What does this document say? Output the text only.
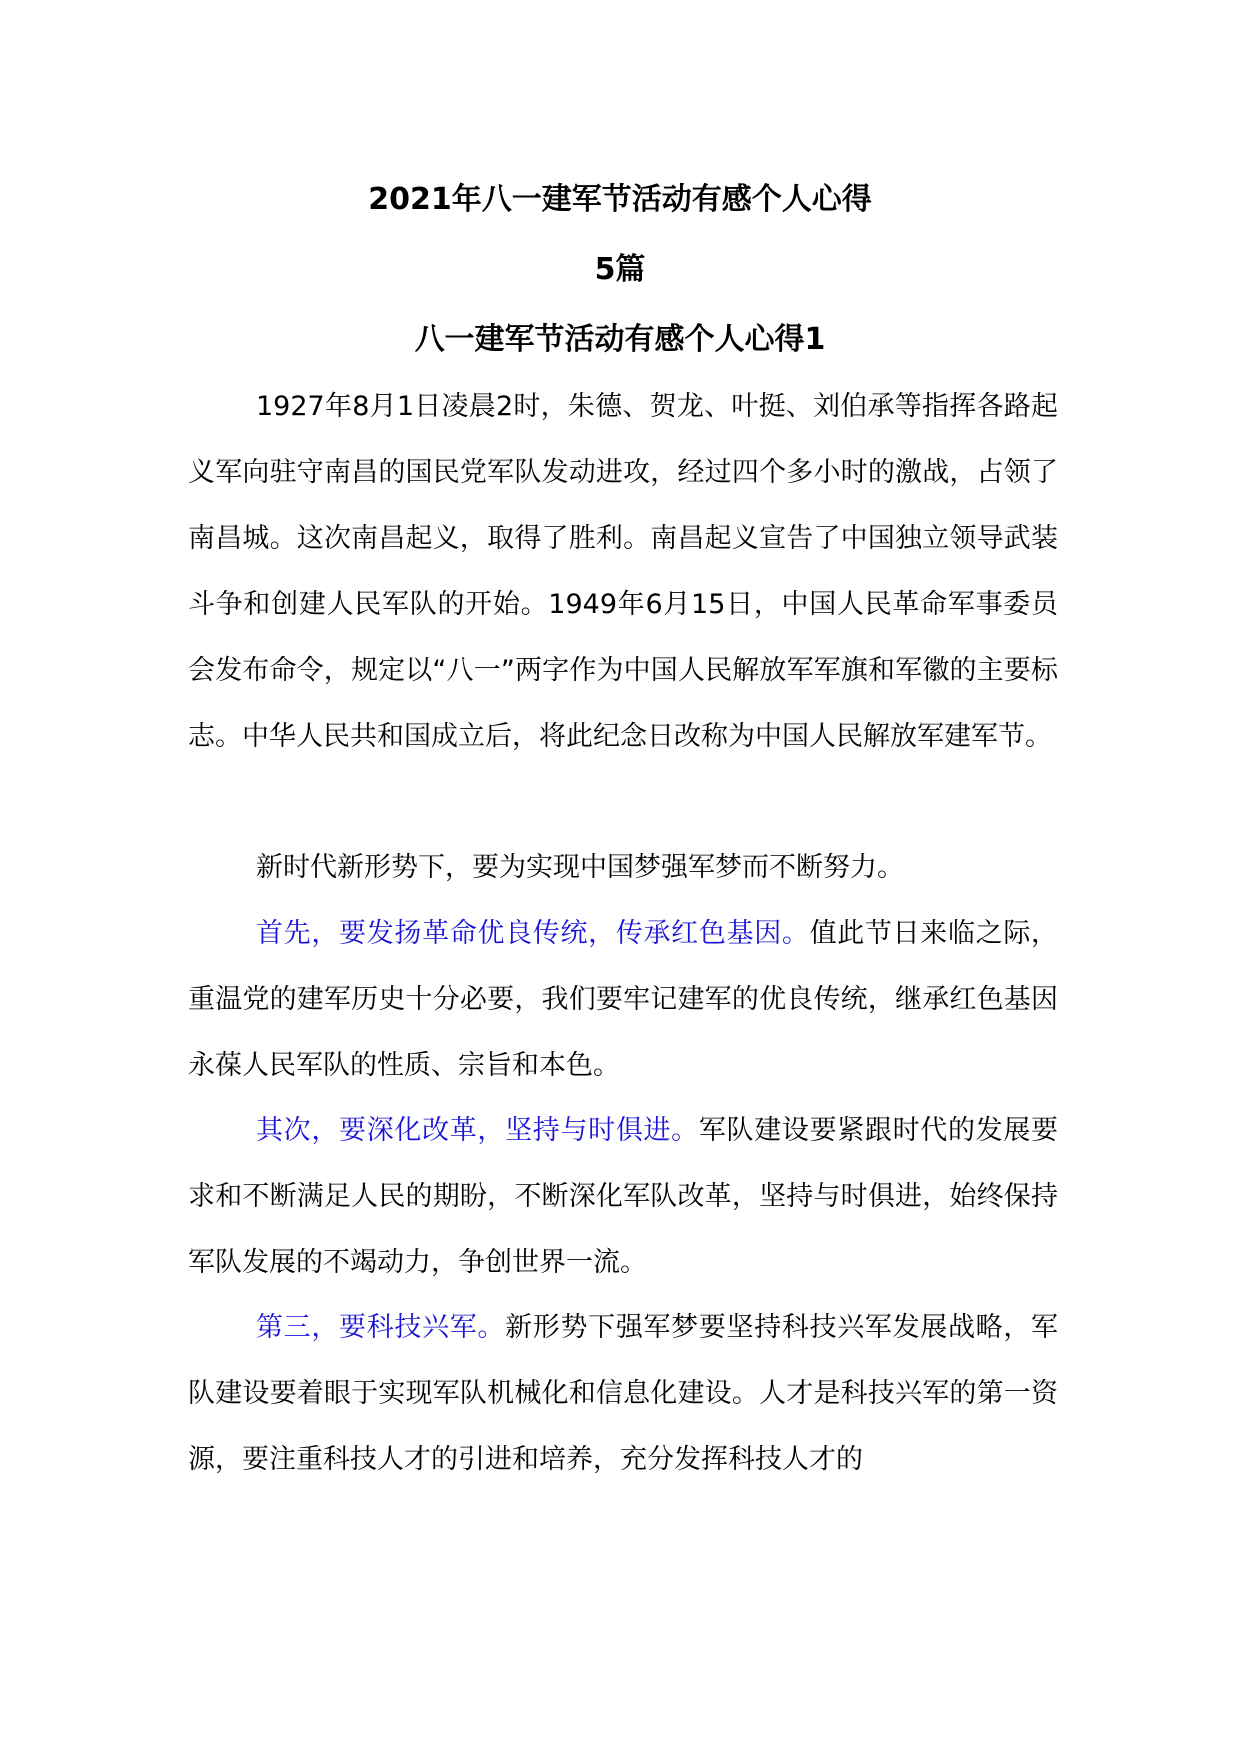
2021年八一建军节活动有感个人心得
5篇
八一建军节活动有感个人心得1
1927年8月1日凌晨2时，朱德、贺龙、叶挺、刘伯承等指挥各路起义军向驻守南昌的国民党军队发动进攻，经过四个多小时的激战，占领了南昌城。这次南昌起义，取得了胜利。南昌起义宣告了中国独立领导武装斗争和创建人民军队的开始。1949年6月15日，中国人民革命军事委员会发布命令，规定以“八一”两字作为中国人民解放军军旗和军徽的主要标志。中华人民共和国成立后，将此纪念日改称为中国人民解放军建军节。
新时代新形势下，要为实现中国梦强军梦而不断努力。
首先，要发扬革命优良传统，传承红色基因。值此节日来临之际，重温党的建军历史十分必要，我们要牢记建军的优良传统，继承红色基因永葆人民军队的性质、宗旨和本色。
其次，要深化改革，坚持与时俱进。军队建设要紧跟时代的发展要求和不断满足人民的期盼，不断深化军队改革，坚持与时俱进，始终保持军队发展的不竭动力，争创世界一流。
第三，要科技兴军。新形势下强军梦要坚持科技兴军发展战略，军队建设要着眼于实现军队机械化和信息化建设。人才是科技兴军的第一资源，要注重科技人才的引进和培养，充分发挥科技人才的
